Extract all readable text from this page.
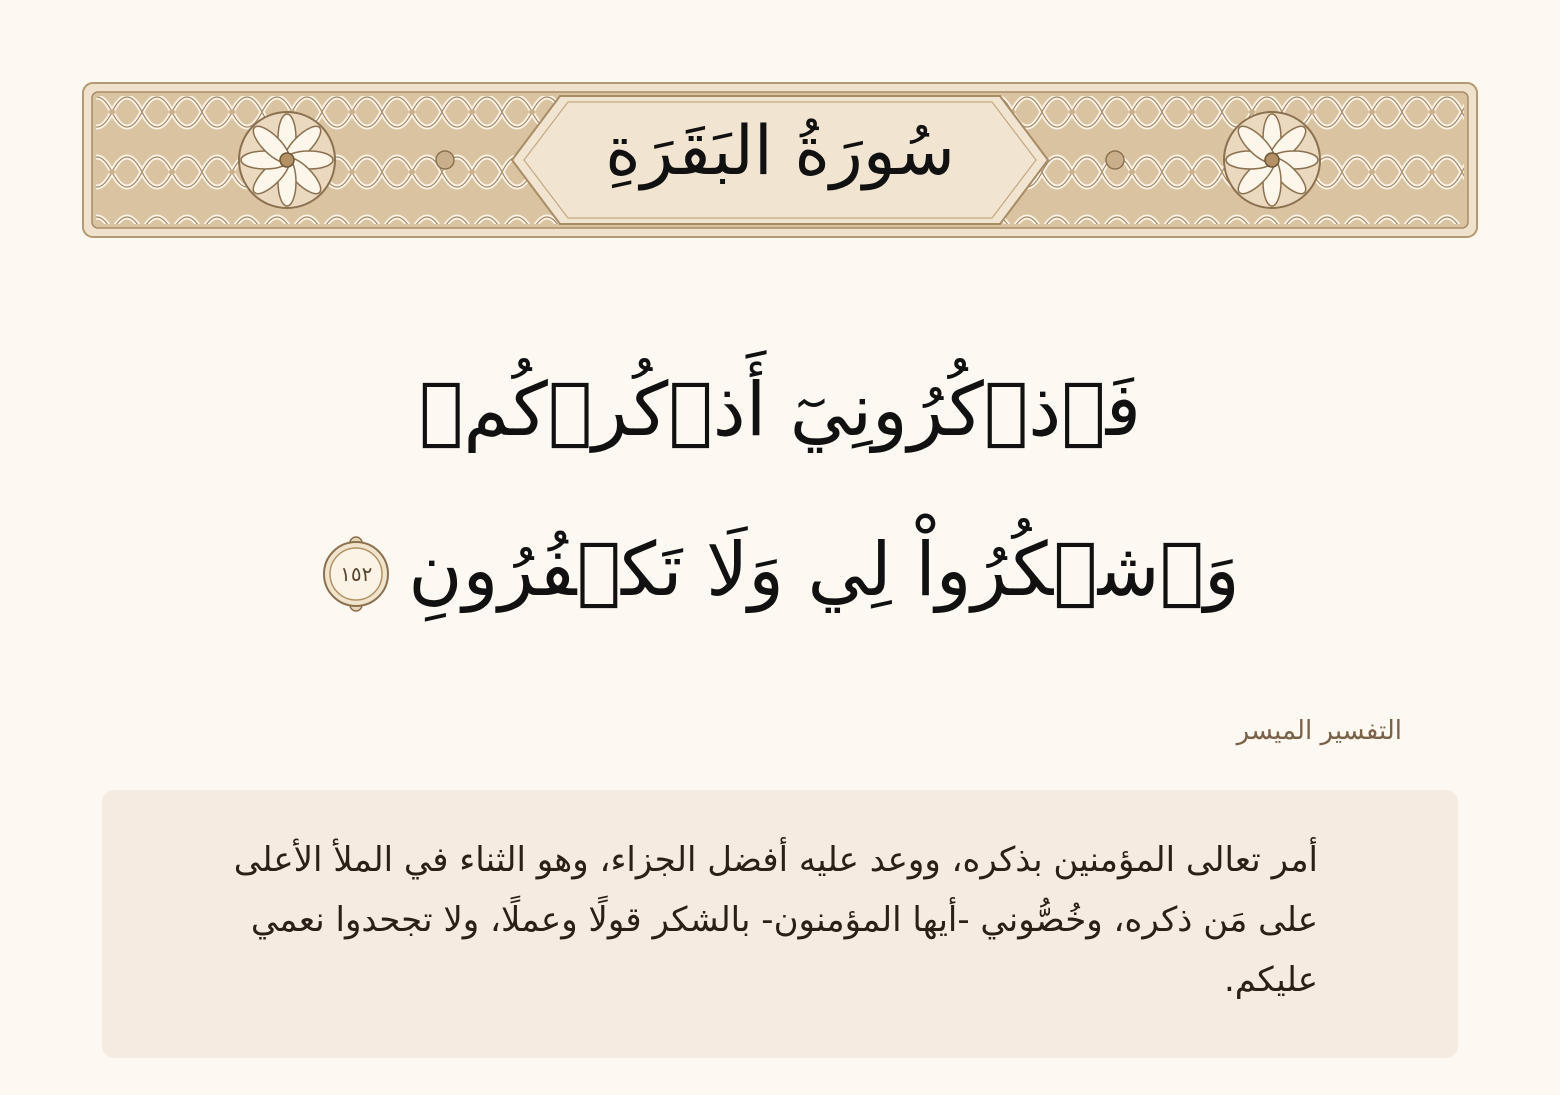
سُورَةُ البَقَرَةِ
فَٱذۡكُرُونِيٓ أَذۡكُرۡكُمۡ
وَٱشۡكُرُواْ لِي وَلَا تَكۡفُرُونِ
١٥٢
التفسير الميسر

أمر تعالى المؤمنين بذكره، ووعد عليه أفضل الجزاء، وهو الثناء في الملأ الأعلى على مَن ذكره، وخُصُّوني -أيها المؤمنون- بالشكر قولًا وعملًا، ولا تجحدوا نعمي عليكم.
